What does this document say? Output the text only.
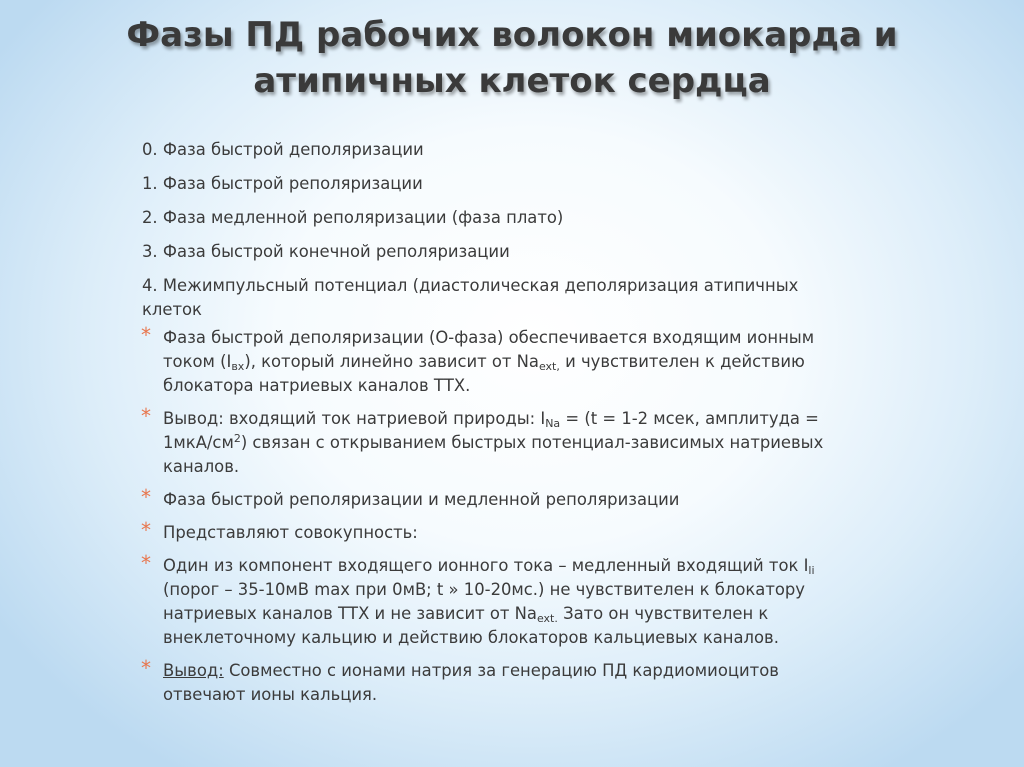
Фазы ПД рабочих волокон миокарда и
атипичных клеток сердца

0. Фаза быстрой деполяризации

1. Фаза быстрой реполяризации

2. Фаза медленной реполяризации (фаза плато)

3. Фаза быстрой конечной реполяризации

4. Межимпульсный потенциал (диастолическая деполяризация атипичных клеток

* Фаза быстрой деполяризации (О-фаза) обеспечивается входящим ионным током $(I_{вх})$, который линейно зависит от $Na_{ext,}$ и чувствителен к действию блокатора натриевых каналов ТТХ.
* Вывод: входящий ток натриевой природы: $I_{Na} = (t = 1-2$ мсек, амплитуда = $1мкА/см^2$) связан с открыванием быстрых потенциал-зависимых натриевых каналов.
* Фаза быстрой реполяризации и медленной реполяризации
* Представляют совокупность:
* Один из компонент входящего ионного тока – медленный входящий ток $I_{li}$ (порог – 35-10мВ max при 0мВ; t » 10-20мс.) не чувствителен к блокатору натриевых каналов ТТХ и не зависит от $Na_{ext.}$ Зато он чувствителен к внеклеточному кальцию и действию блокаторов кальциевых каналов.
* Вывод: Совместно с ионами натрия за генерацию ПД кардиомиоцитов отвечают ионы кальция.
